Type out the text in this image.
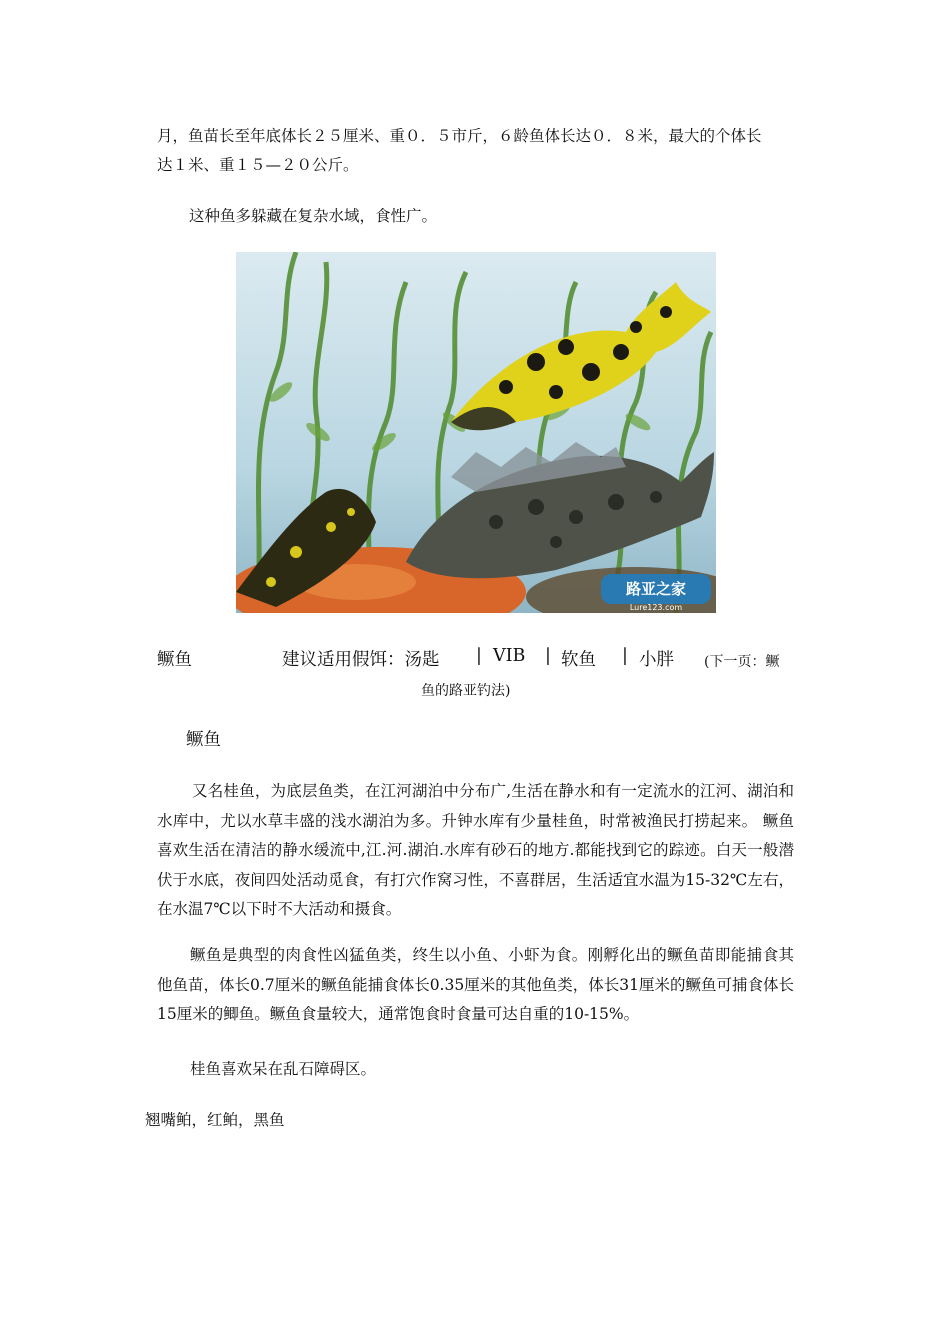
月，鱼苗长至年底体长２５厘米、重０．５市斤，６龄鱼体长达０．８米，最大的个体长
达１米、重１５—２０公斤。
这种鱼多躲藏在复杂水域，食性广。
路亚之家
Lure123.com
鳜鱼	建议适用假饵：汤匙 | VIB | 软鱼 | 小胖 (下一页：鳜
鱼的路亚钓法)
鳜鱼
又名桂鱼，为底层鱼类，在江河湖泊中分布广,生活在静水和有一定流水的江河、湖泊和水库中，尤以水草丰盛的浅水湖泊为多。升钟水库有少量桂鱼，时常被渔民打捞起来。 鳜鱼喜欢生活在清洁的静水缓流中,江.河.湖泊.水库有砂石的地方.都能找到它的踪迹。白天一般潜伏于水底，夜间四处活动觅食，有打穴作窝习性，不喜群居，生活适宜水温为15-32℃左右，在水温7℃以下时不大活动和摄食。
鳜鱼是典型的肉食性凶猛鱼类，终生以小鱼、小虾为食。刚孵化出的鳜鱼苗即能捕食其他鱼苗，体长0.7厘米的鳜鱼能捕食体长0.35厘米的其他鱼类，体长31厘米的鳜鱼可捕食体长15厘米的鲫鱼。鳜鱼食量较大，通常饱食时食量可达自重的10-15%。
桂鱼喜欢呆在乱石障碍区。
翘嘴鲌，红鲌，黑鱼
